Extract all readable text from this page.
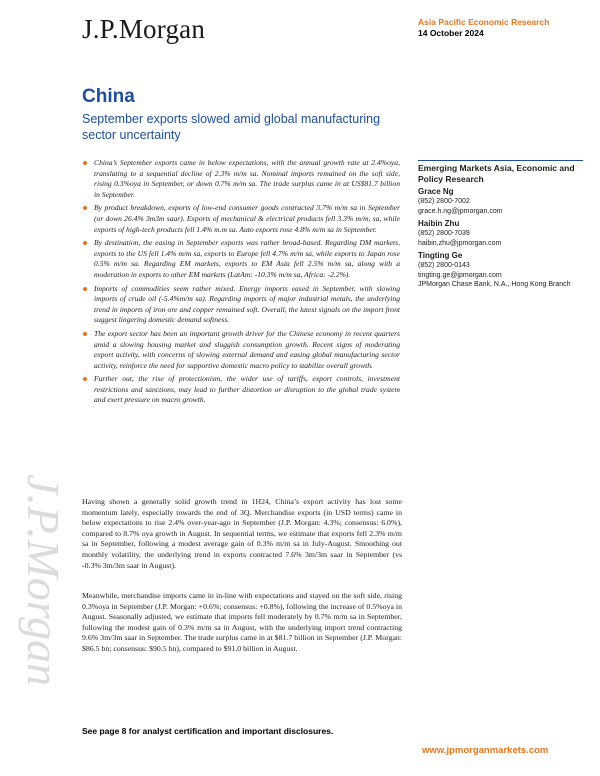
J.P.Morgan	Asia Pacific Economic Research
14 October 2024
China
September exports slowed amid global manufacturing sector uncertainty
China’s September exports came in below expectations, with the annual growth rate at 2.4%oya, translating to a sequential decline of 2.3% m/m sa. Nominal imports remained on the soft side, rising 0.3%oya in September, or down 0.7% m/m sa. The trade surplus came in at US$81.7 billion in September.
By product breakdown, exports of low-end consumer goods contracted 3.7% m/m sa in September (or down 26.4% 3m3m saar). Exports of mechanical & electrical products fell 3.3% m/m, sa, while exports of high-tech products fell 1.4% m.m sa. Auto exports rose 4.8% m/m sa in September.
By destination, the easing in September exports was rather broad-based. Regarding DM markets, exports to the US fell 1.4% m/m sa, exports to Europe fell 4.7% m/m sa, while exports to Japan rose 0.5% m/m sa. Regarding EM markets, exports to EM Asia fell 2.5% m/m sa, along with a moderation in exports to other EM markets (LatAm: -10.3% m/m sa, Africa: -2.2%).
Imports of commodities seem rather mixed. Energy imports eased in September, with slowing imports of crude oil (-5.4%m/m sa). Regarding imports of major industrial metals, the underlying trend in imports of iron ore and copper remained soft. Overall, the latest signals on the import front suggest lingering domestic demand softness.
The export sector has been an important growth driver for the Chinese economy in recent quarters amid a slowing housing market and sluggish consumption growth. Recent signs of moderating export activity, with concerns of slowing external demand and easing global manufacturing sector activity, reinforce the need for supportive domestic macro policy to stabilize overall growth.
Further out, the rise of protectionism, the wider use of tariffs, export controls, investment restrictions and sanctions, may lead to further distortion or disruption to the global trade system and exert pressure on macro growth.

Having shown a generally solid growth trend in 1H24, China’s export activity has lost some momentum lately, especially towards the end of 3Q. Merchandise exports (in USD terms) came in below expectations to rise 2.4% over-year-ago in September (J.P. Morgan: 4.3%; consensus: 6.0%), compared to 8.7% oya growth in August. In sequential terms, we estimate that exports fell 2.3% m/m sa in September, following a modest average gain of 0.3% m/m sa in July-August. Smoothing out monthly volatility, the underlying trend in exports contracted 7.6% 3m/3m saar in September (vs -0.3% 3m/3m saar in August).

Meanwhile, merchandise imports came in in-line with expectations and stayed on the soft side, rising 0.3%oya in September (J.P. Morgan: +0.6%; consensus: +0.8%), following the increase of 0.5%oya in August. Seasonally adjusted, we estimate that imports fell moderately by 0.7% m/m sa in September, following the modest gain of 0.3% m/m sa in August, with the underlying import trend contracting 9.6% 3m/3m saar in September. The trade surplus came in at $81.7 billion in September (J.P. Morgan: $86.5 bn; consensus: $90.5 bn), compared to $91.0 billion in August.

Emerging Markets Asia, Economic and Policy Research
Grace Ng
(852) 2800-7002
grace.h.ng@jpmorgan.com
Haibin Zhu
(852) 2800-7039
haibin.zhu@jpmorgan.com
Tingting Ge
(852) 2800-0143
tingting.ge@jpmorgan.com
JPMorgan Chase Bank, N.A., Hong Kong Branch
J.P.Morgan
See page 8 for analyst certification and important disclosures.
www.jpmorganmarkets.com
